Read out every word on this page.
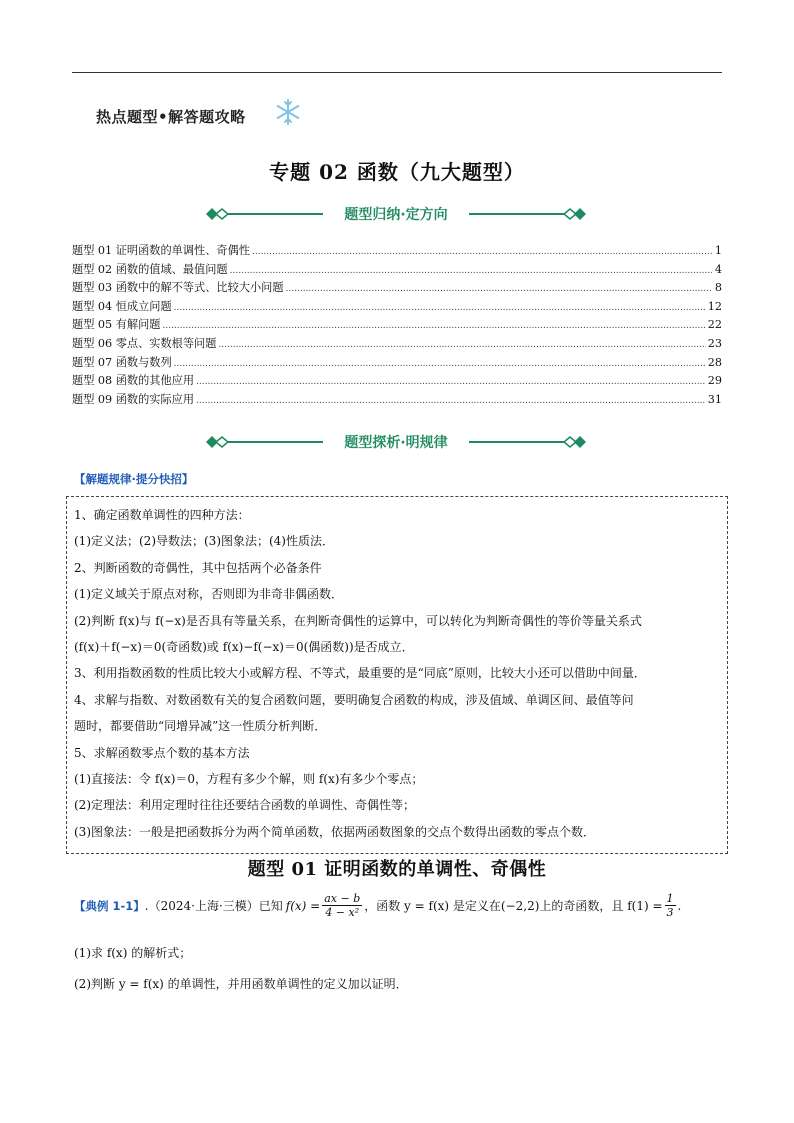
热点题型•解答题攻略
专题 02 函数（九大题型）
题型归纳·定方向
题型 01 证明函数的单调性、奇偶性 .....	1
题型 02 函数的值域、最值问题 .....	4
题型 03 函数中的解不等式、比较大小问题 .....	8
题型 04 恒成立问题 .....	12
题型 05 有解问题 .....	22
题型 06 零点、实数根等问题 .....	23
题型 07 函数与数列 .....	28
题型 08 函数的其他应用 .....	29
题型 09 函数的实际应用 .....	31
题型探析·明规律
【解题规律·提分快招】
1、确定函数单调性的四种方法：
(1)定义法；(2)导数法；(3)图象法；(4)性质法．
2、判断函数的奇偶性，其中包括两个必备条件
(1)定义域关于原点对称，否则即为非奇非偶函数．
(2)判断 f(x)与 f(−x)是否具有等量关系，在判断奇偶性的运算中，可以转化为判断奇偶性的等价等量关系式
(f(x)＋f(−x)＝0(奇函数)或 f(x)−f(−x)＝0(偶函数))是否成立．
3、利用指数函数的性质比较大小或解方程、不等式，最重要的是“同底”原则，比较大小还可以借助中间量．
4、求解与指数、对数函数有关的复合函数问题，要明确复合函数的构成，涉及值域、单调区间、最值等问
题时，都要借助“同增异减”这一性质分析判断．
5、求解函数零点个数的基本方法
(1)直接法：令 f(x)＝0，方程有多少个解，则 f(x)有多少个零点；
(2)定理法：利用定理时往往还要结合函数的单调性、奇偶性等；
(3)图象法：一般是把函数拆分为两个简单函数，依据两函数图象的交点个数得出函数的零点个数．
题型 01 证明函数的单调性、奇偶性
【典例 1-1】 .（2024·上海·三模）已知 $f(x) = \frac{ax - b}{\text{4 − x²}}$ ，函数 y = f(x) 是定义在(−2,2)上的奇函数，且 $f(1) = \frac{1}{3}$ .
(1)求 f(x) 的解析式；
(2)判断 y = f(x) 的单调性，并用函数单调性的定义加以证明．
